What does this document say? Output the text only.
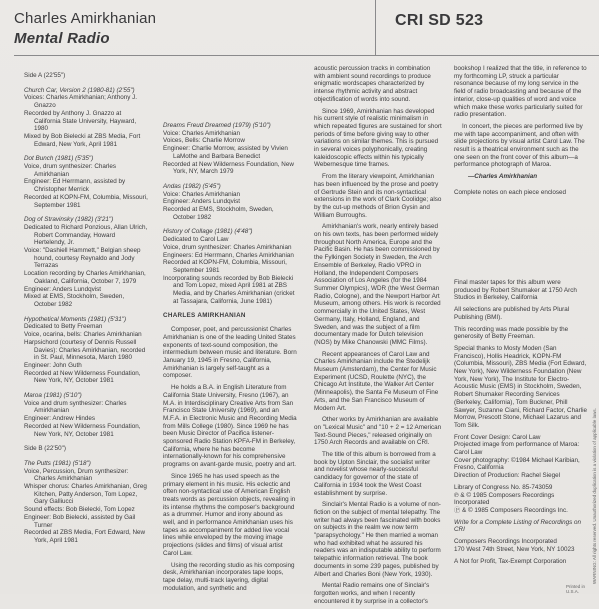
Charles Amirkhanian
Mental Radio
CRI SD 523

Side A (22'55")

Church Car, Version 2 (1980-81) (2'55")

Voices: Charles Amirkhanian; Anthony J. Gnazzo

Recorded by Anthony J. Gnazzo at California State University, Hayward, 1980

Mixed by Bob Bielecki at ZBS Media, Fort Edward, New York, April 1981

Dot Bunch (1981) (5'35")

Voice, drum synthesizer: Charles Amirkhanian

Engineer: Ed Herrmann, assisted by Christopher Merrick

Recorded at KOPN-FM, Columbia, Missouri, September 1981

Dog of Stravinsky (1982) (3'21")

Dedicated to Richard Ponzious, Allan Ulrich, Robert Commanday, Howard Hertelendy, Jr.

Voice: "Dashiell Hammett," Belgian sheep hound, courtesy Reynaldo and Jody Terrazas

Location recording by Charles Amirkhanian, Oakland, California, October 7, 1979

Engineer: Anders Lundqvist

Mixed at EMS, Stockholm, Sweden, October 1982

Hypothetical Moments (1981) (5'31")

Dedicated to Betty Freeman

Voice, ocarina, bells: Charles Amirkhanian

Harpsichord (courtesy of Dennis Russell Davies): Charles Amirkhanian, recorded in St. Paul, Minnesota, March 1980

Engineer: John Guth

Recorded at New Wilderness Foundation, New York, NY, October 1981

Maroa (1981) (5'10")

Voice and drum synthesizer: Charles Amirkhanian

Engineer: Andrew Hindes

Recorded at New Wilderness Foundation, New York, NY, October 1981

Side B (22'50")

The Putts (1981) (5'18")

Voice, Percussion, Drum synthesizer: Charles Amirkhanian

Whisper chorus: Charles Amirkhanian, Greg Kitchen, Patty Anderson, Tom Lopez, Gary Galliucci

Sound effects: Bob Bielecki, Tom Lopez

Engineer: Bob Bielecki, assisted by Gail Turner

Recorded at ZBS Media, Fort Edward, New York, April 1981

Dreams Freud Dreamed (1979) (5'10")

Voice: Charles Amirkhanian

Voices, Bells: Charlie Morrow

Engineer: Charlie Morrow, assisted by Vivien LaMothe and Barbara Benedict

Recorded at New Wilderness Foundation, New York, NY, March 1979

Andas (1982) (5'45")

Voice: Charles Amirkhanian

Engineer: Anders Lundqvist

Recorded at EMS, Stockholm, Sweden, October 1982

History of Collage (1981) (4'48")

Dedicated to Carol Law

Voice, drum synthesizer: Charles Amirkhanian

Engineers: Ed Herrmann, Charles Amirkhanian

Recorded at KOPN-FM, Columbia, Missouri, September 1981

Incorporating sounds recorded by Bob Bielecki and Tom Lopez, mixed April 1981 at ZBS Media, and by Charles Amirkhanian (cricket at Tassajara, California, June 1981)

CHARLES AMIRKHANIAN

Composer, poet, and percussionist Charles Amirkhanian is one of the leading United States exponents of text-sound composition, the intermedium between music and literature. Born January 19, 1945 in Fresno, California, Amirkhanian is largely self-taught as a composer.

He holds a B.A. in English Literature from California State University, Fresno (1967), an M.A. in Interdisciplinary Creative Arts from San Francisco State University (1969), and an M.F.A. in Electronic Music and Recording Media from Mills College (1980). Since 1969 he has been Music Director of Pacifica listener-sponsored Radio Station KPFA-FM in Berkeley, California, where he has become internationally-known for his comprehensive programs on avant-garde music, poetry and art.

Since 1965 he has used speech as the primary element in his music. His eclectic and often non-syntactical use of American English treats words as percussion objects, revealing in its intense rhythms the composer's background as a drummer. Humor and irony abound as well, and in performance Amirkhanian uses his tapes as accompaniment for added live vocal lines while enveloped by the moving image projections (slides and films) of visual artist Carol Law.

Using the recording studio as his composing desk, Amirkhanian incorporates tape loops, tape delay, multi-track layering, digital modulation, and synthetic and

acoustic percussion tracks in combination with ambient sound recordings to produce enigmatic wordscapes characterized by intense rhythmic activity and abstract objectification of words into sound.

Since 1969, Amirkhanian has developed his current style of realistic minimalism in which repeated figures are sustained for short periods of time before giving way to other variations on similar themes. This is pursued in several voices polyphonically, creating kaleidoscopic effects within his typically Webernesque time frames.

From the literary viewpoint, Amirkhanian has been influenced by the prose and poetry of Gertrude Stein and its non-syntactical extensions in the work of Clark Coolidge; also by the cut-up methods of Brion Gysin and William Burroughs.

Amirkhanian's work, nearly entirely based on his own texts, has been performed widely throughout North America, Europe and the Pacific Basin. He has been commissioned by the Fylkingen Society in Sweden, the Arch Ensemble of Berkeley, Radio VPRO in Holland, the Independent Composers Association of Los Angeles (for the 1984 Summer Olympics), WDR (the West German Radio, Cologne), and the Newport Harbor Art Museum, among others. His work is recorded commercially in the United States, West Germany, Italy, Holland, England, and Sweden, and was the subject of a film documentary made for Dutch television (NOS) by Mike Chanowski (MMC Films).

Recent appearances of Carol Law and Charles Amirkhanian include the Stedelijk Museum (Amsterdam), the Center for Music Experiment (UCSD, Roulette (NYC), the Chicago Art Institute, the Walker Art Center (Minneapolis), the Santa Fe Museum of Fine Arts, and the San Francisco Museum of Modern Art.

Other works by Amirkhanian are available on "Lexical Music" and "10 + 2 = 12 American Text-Sound Pieces," released originally on 1750 Arch Records and available on CRI.

The title of this album is borrowed from a book by Upton Sinclair, the socialist writer and novelist whose nearly-successful candidacy for governor of the state of California in 1934 took the West Coast establishment by surprise.

Sinclair's Mental Radio is a volume of non-fiction on the subject of mental telepathy. The writer had always been fascinated with books on subjects in the realm we now term "parapsychology." He then married a woman who had exhibited what he assured his readers was an indisputable ability to perform telepathic information retrieval. The book documents in some 239 pages, published by Albert and Charles Boni (New York, 1930).

Mental Radio remains one of Sinclair's forgotten works, and when I recently encountered it by surprise in a collector's

bookshop I realized that the title, in reference to my forthcoming LP, struck a particular resonance because of my long service in the field of radio broadcasting and because of the interior, close-up qualities of word and voice which make these works particularly suited for radio presentation.

In concert, the pieces are performed live by me with tape accompaniment, and often with slide projections by visual artist Carol Law. The result is a theatrical environment such as the one seen on the front cover of this album—a performance photograph of Maroa.

—Charles Amirkhanian

Complete notes on each piece enclosed

Final master tapes for this album were produced by Robert Shumaker at 1750 Arch Studios in Berkeley, California

All selections are published by Arts Plural Publishing (BMI).

This recording was made possible by the generosity of Betty Freeman.

Special thanks to Mosty Moden (San Francisco), Hollis Headrick, KOPN-FM (Columbia, Missouri), ZBS Media (Fort Edward, New York), New Wilderness Foundation (New York, New York), The Institute for Electro-Acoustic Music (EMS) in Stockholm, Sweden, Robert Shumaker Recording Services (Berkeley, California), Tom Buckner, Phill Sawyer, Suzanne Ciani, Richard Factor, Charlie Morrow, Prescott Stone, Michael Lazarus and Tom Silk.

Front Cover Design: Carol Law

Projected image from performance of Maroa: Carol Law

Cover photography: ©1984 Michael Karibian, Fresno, California

Direction of Production: Rachel Siegel

Library of Congress No. 85-743059

℗ & © 1985 Composers Recordings Incorporated

Ⓟ & © 1985 Composers Recordings Inc.

Write for a Complete Listing of Recordings on CRI

Composers Recordings Incorporated

170 West 74th Street, New York, NY 10023

A Not for Profit, Tax-Exempt Corporation	WARNING: All rights reserved. Unauthorized duplication is a violation of applicable laws.
Printed in U.S.A.
